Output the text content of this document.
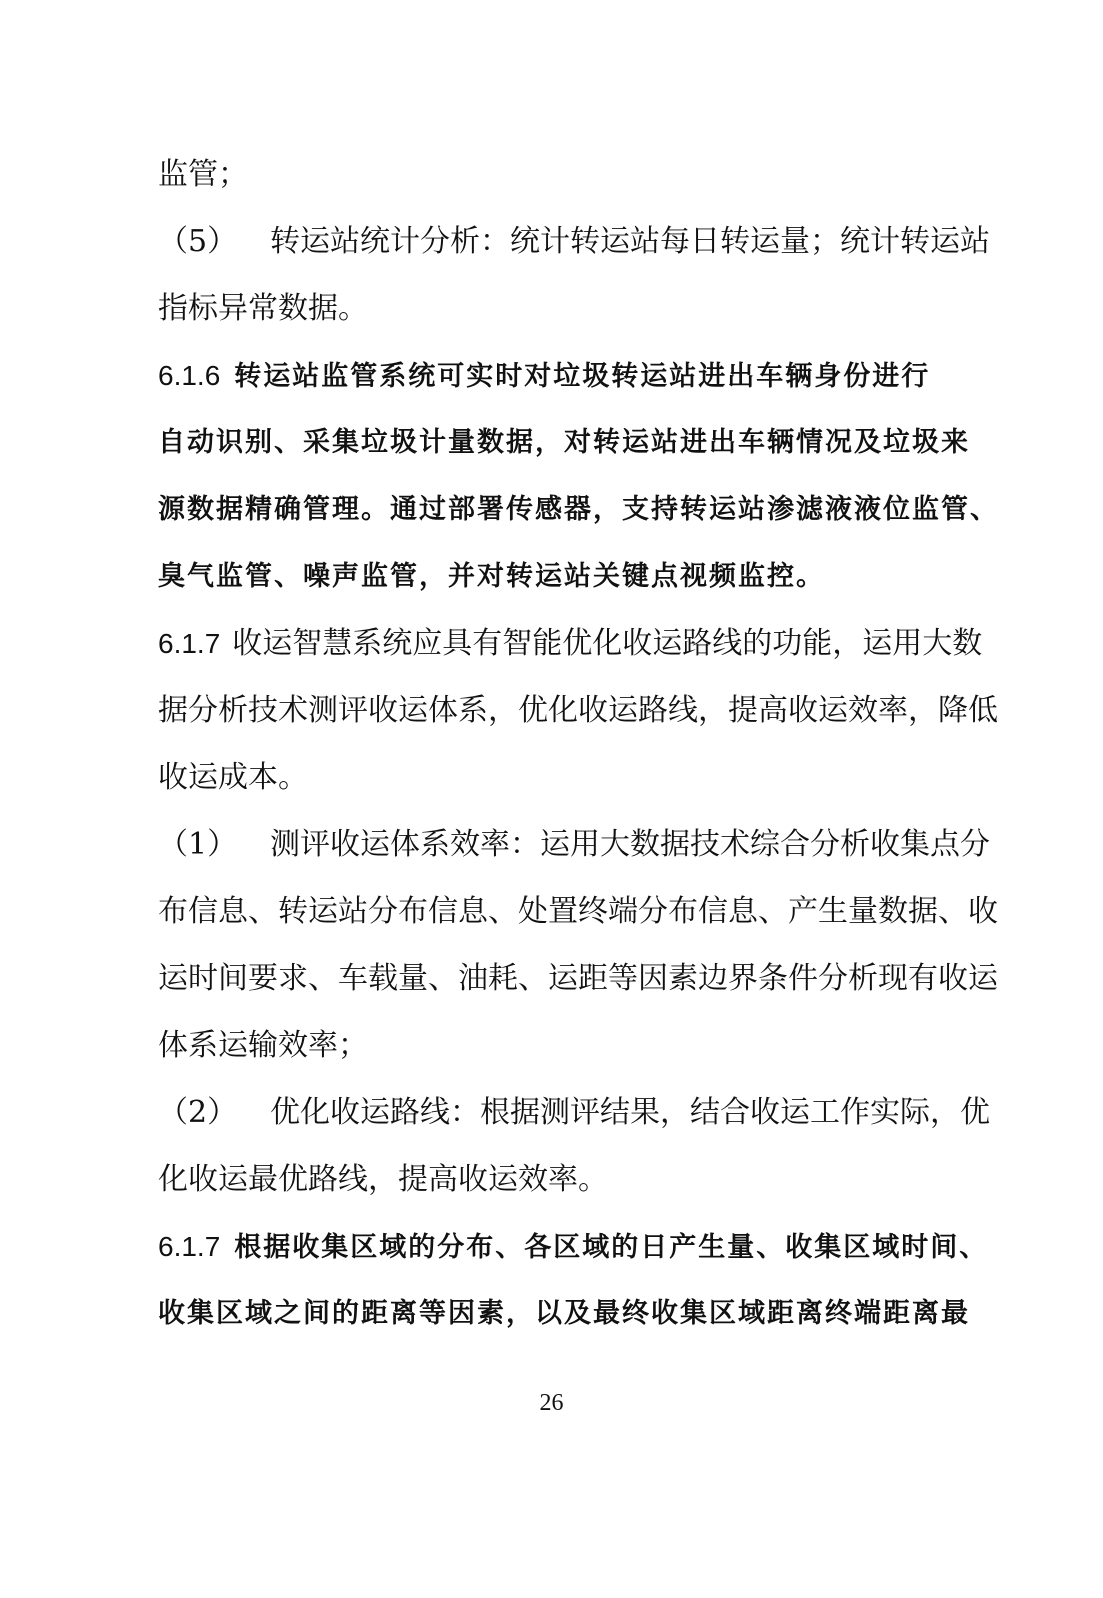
监管；
（5） 转运站统计分析：统计转运站每日转运量；统计转运站
指标异常数据。
6.1.6 转运站监管系统可实时对垃圾转运站进出车辆身份进行
自动识别、采集垃圾计量数据，对转运站进出车辆情况及垃圾来
源数据精确管理。通过部署传感器，支持转运站渗滤液液位监管、
臭气监管、噪声监管，并对转运站关键点视频监控。
6.1.7 收运智慧系统应具有智能优化收运路线的功能，运用大数
据分析技术测评收运体系，优化收运路线，提高收运效率，降低
收运成本。
（1） 测评收运体系效率：运用大数据技术综合分析收集点分
布信息、转运站分布信息、处置终端分布信息、产生量数据、收
运时间要求、车载量、油耗、运距等因素边界条件分析现有收运
体系运输效率；
（2） 优化收运路线：根据测评结果，结合收运工作实际，优
化收运最优路线，提高收运效率。
6.1.7 根据收集区域的分布、各区域的日产生量、收集区域时间、
收集区域之间的距离等因素，以及最终收集区域距离终端距离最
26
